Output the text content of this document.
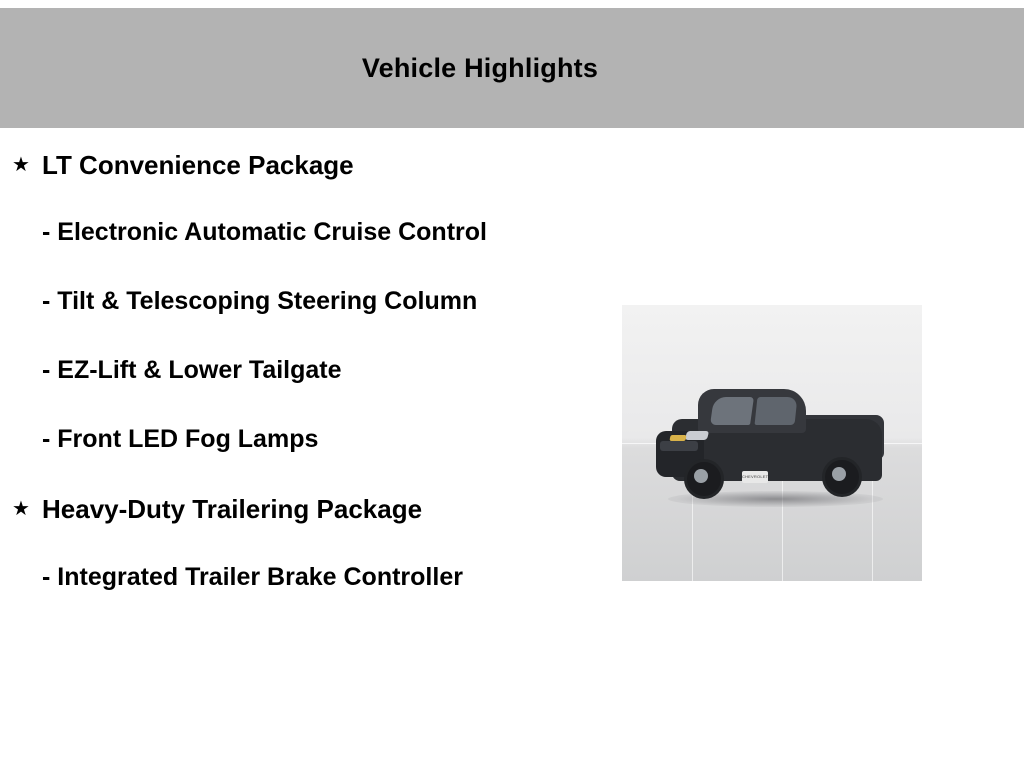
Vehicle Highlights
★ LT Convenience Package
- Electronic Automatic Cruise Control
- Tilt & Telescoping Steering Column
- EZ-Lift & Lower Tailgate
- Front LED Fog Lamps
★ Heavy-Duty Trailering Package
- Integrated Trailer Brake Controller
CHEVROLET
